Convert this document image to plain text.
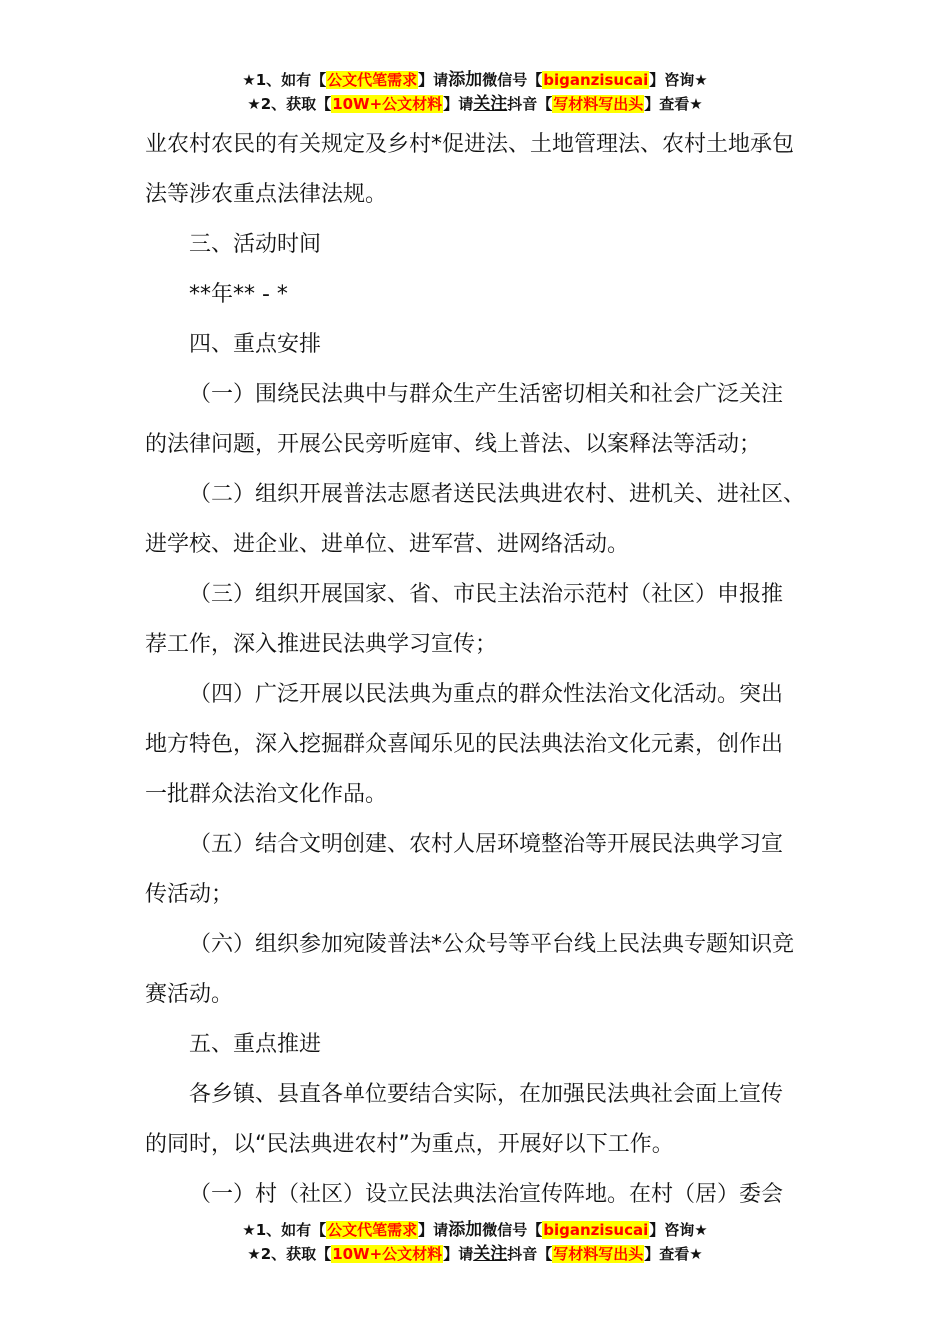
★1、如有【公文代笔需求】请添加微信号【biganzisucai】咨询★
★2、获取【10W+公文材料】请关注抖音【写材料写出头】查看★
业农村农民的有关规定及乡村*促进法、土地管理法、农村土地承包
法等涉农重点法律法规。
三、活动时间
**年** - *
四、重点安排
（一）围绕民法典中与群众生产生活密切相关和社会广泛关注
的法律问题，开展公民旁听庭审、线上普法、以案释法等活动；
（二）组织开展普法志愿者送民法典进农村、进机关、进社区、
进学校、进企业、进单位、进军营、进网络活动。
（三）组织开展国家、省、市民主法治示范村（社区）申报推
荐工作，深入推进民法典学习宣传；
（四）广泛开展以民法典为重点的群众性法治文化活动。突出
地方特色，深入挖掘群众喜闻乐见的民法典法治文化元素，创作出
一批群众法治文化作品。
（五）结合文明创建、农村人居环境整治等开展民法典学习宣
传活动；
（六）组织参加宛陵普法*公众号等平台线上民法典专题知识竞
赛活动。
五、重点推进
各乡镇、县直各单位要结合实际，在加强民法典社会面上宣传
的同时，以“民法典进农村”为重点，开展好以下工作。
（一）村（社区）设立民法典法治宣传阵地。在村（居）委会
★1、如有【公文代笔需求】请添加微信号【biganzisucai】咨询★
★2、获取【10W+公文材料】请关注抖音【写材料写出头】查看★
